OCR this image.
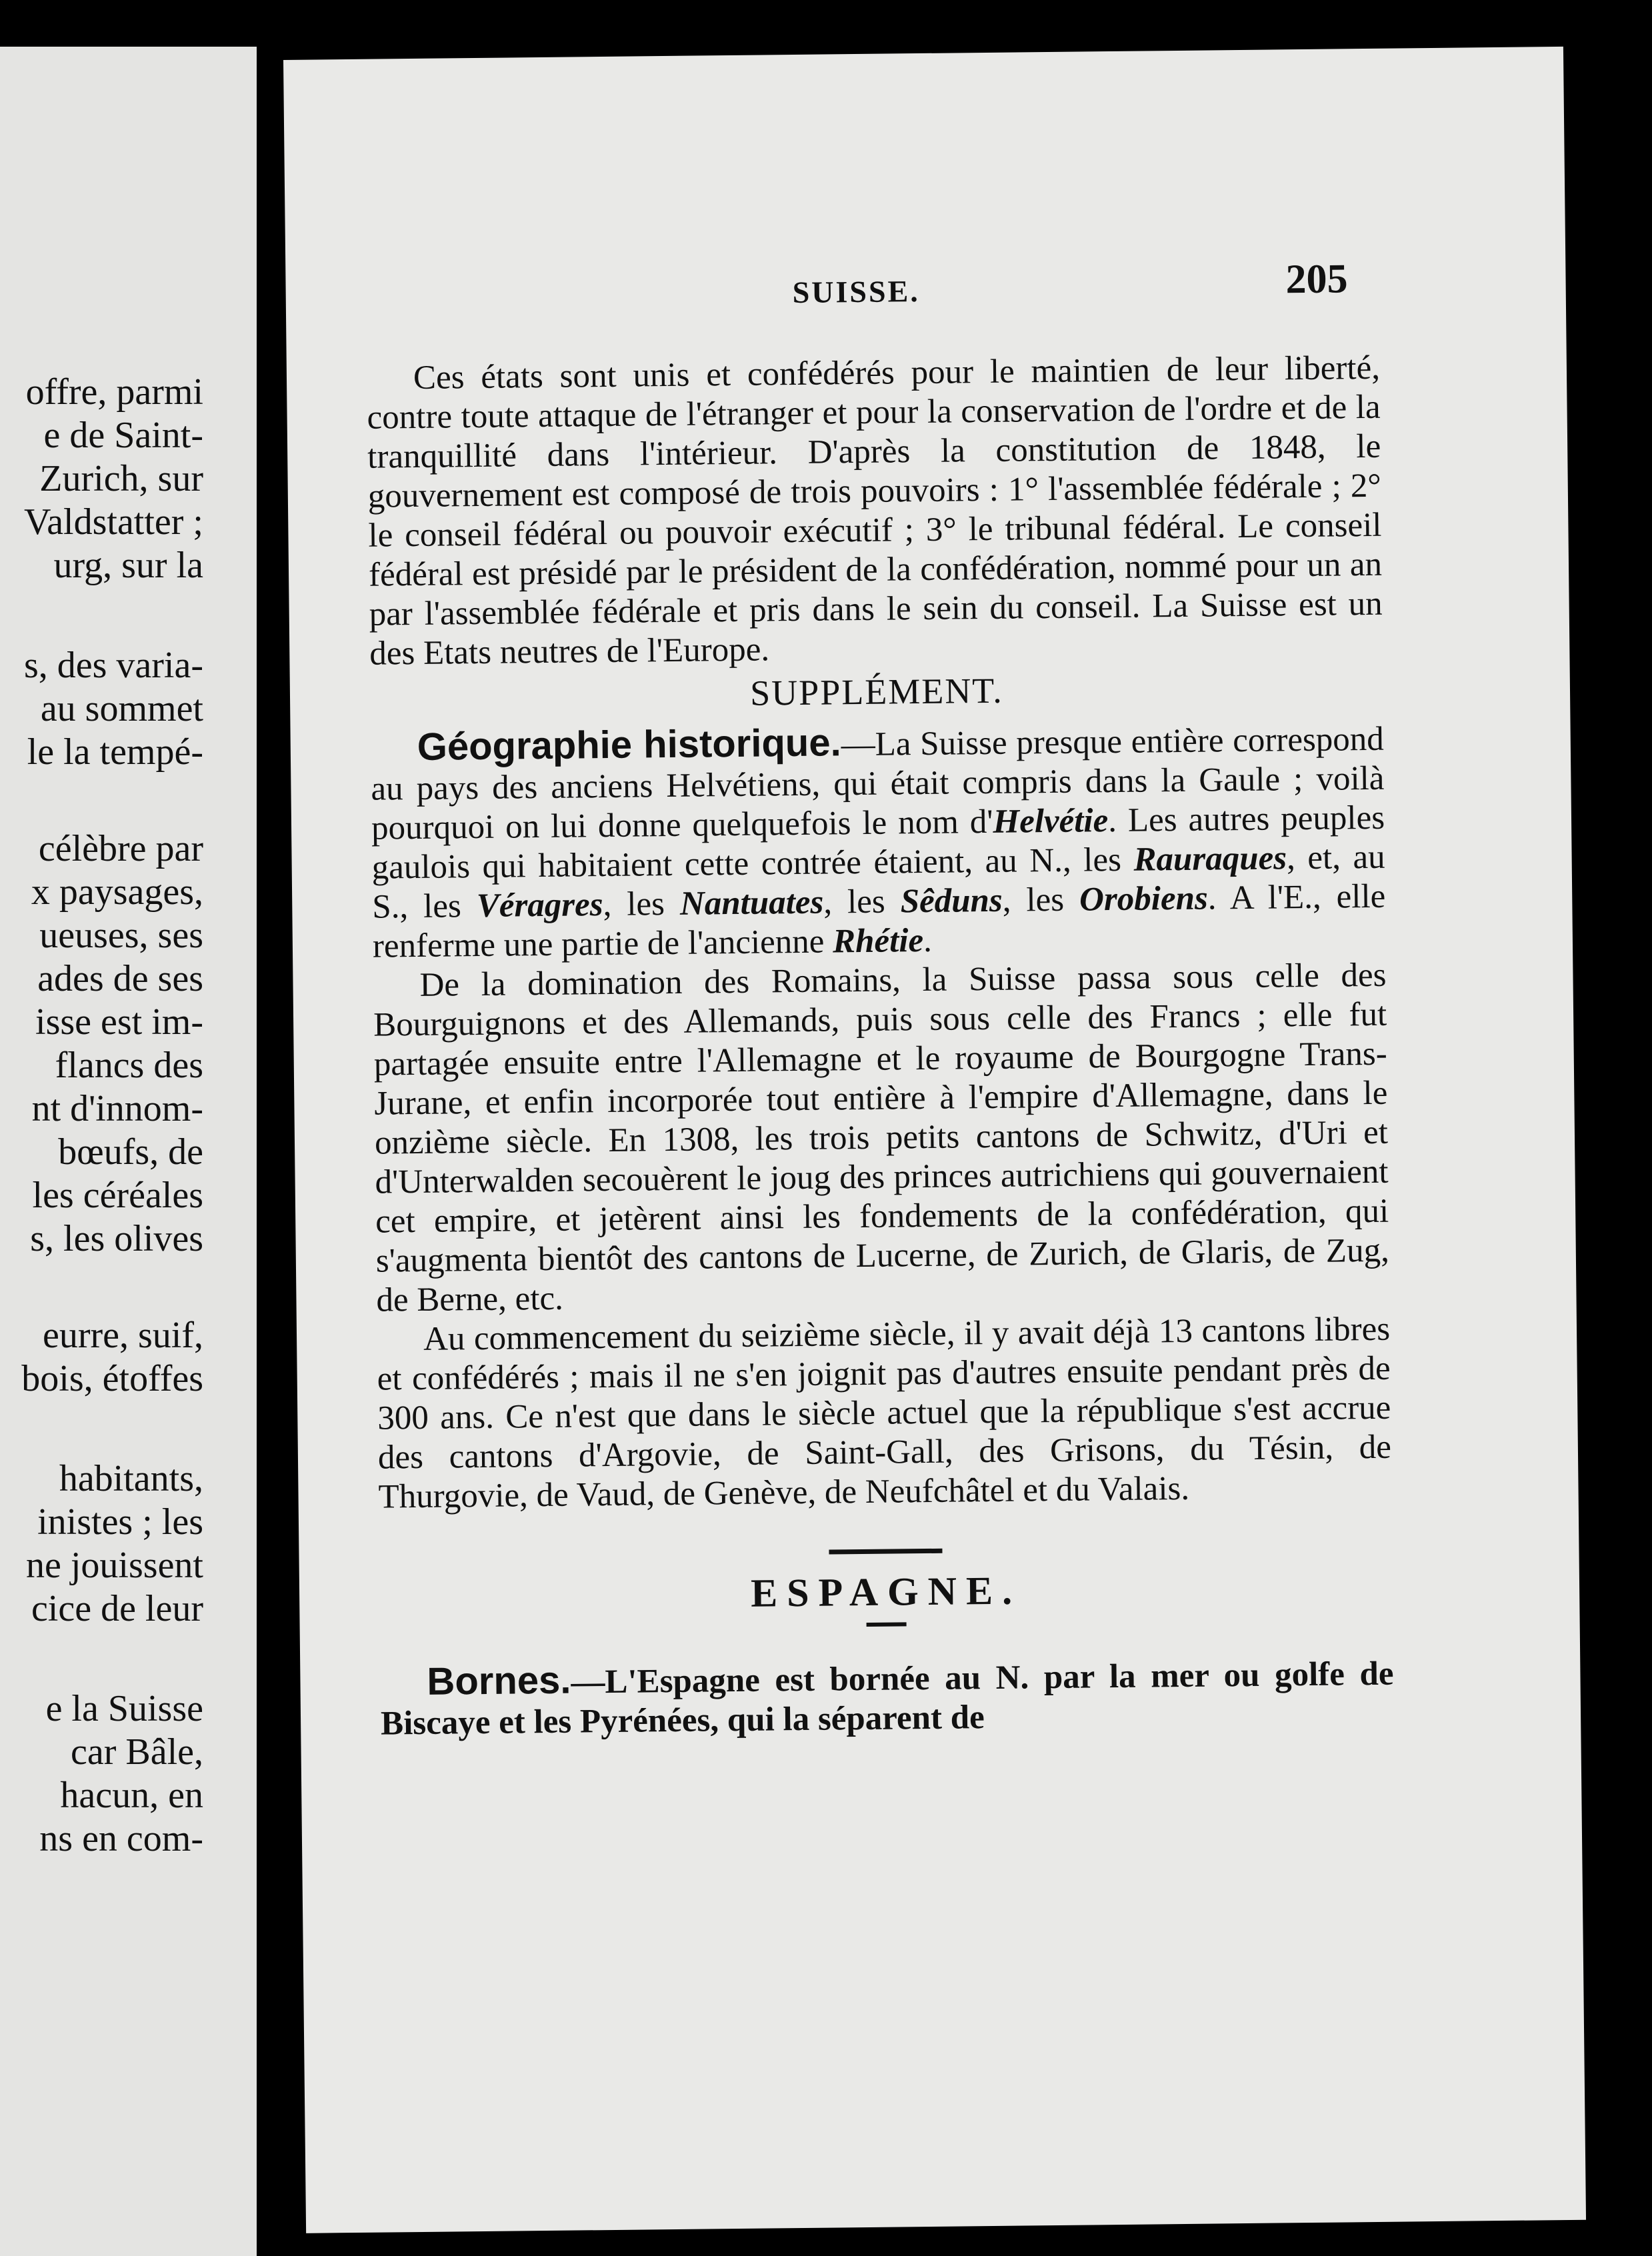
offre, parmi
e de Saint-
Zurich, sur
Valdstatter ;
urg, sur la
s, des varia-
au sommet
le la tempé-
célèbre par
x paysages,
ueuses, ses
ades de ses
isse est im-
flancs des
nt d'innom-
bœufs, de
les céréales
s, les olives
eurre, suif,
bois, étoffes
habitants,
inistes ; les
ne jouissent
cice de leur
e la Suisse
car Bâle,
hacun, en
ns en com-
SUISSE.	205

Ces états sont unis et confédérés pour le maintien de leur liberté, contre toute attaque de l'étranger et pour la conservation de l'ordre et de la tranquillité dans l'intérieur. D'après la constitution de 1848, le gouvernement est composé de trois pouvoirs : 1° l'assemblée fédérale ; 2° le conseil fédéral ou pouvoir exécutif ; 3° le tribunal fédéral. Le conseil fédéral est présidé par le président de la confédération, nommé pour un an par l'assemblée fédérale et pris dans le sein du conseil. La Suisse est un des Etats neutres de l'Europe.

SUPPLÉMENT.

Géographie historique.—La Suisse presque entière correspond au pays des anciens Helvétiens, qui était compris dans la Gaule ; voilà pourquoi on lui donne quelquefois le nom d'Helvétie. Les autres peuples gaulois qui habitaient cette contrée étaient, au N., les Rauraques, et, au S., les Véragres, les Nantuates, les Sêduns, les Orobiens. A l'E., elle renferme une partie de l'ancienne Rhétie.

De la domination des Romains, la Suisse passa sous celle des Bourguignons et des Allemands, puis sous celle des Francs ; elle fut partagée ensuite entre l'Allemagne et le royaume de Bourgogne Trans-Jurane, et enfin incorporée tout entière à l'empire d'Allemagne, dans le onzième siècle. En 1308, les trois petits cantons de Schwitz, d'Uri et d'Unterwalden secouèrent le joug des princes autrichiens qui gouvernaient cet empire, et jetèrent ainsi les fondements de la confédération, qui s'augmenta bientôt des cantons de Lucerne, de Zurich, de Glaris, de Zug, de Berne, etc.

Au commencement du seizième siècle, il y avait déjà 13 cantons libres et confédérés ; mais il ne s'en joignit pas d'autres ensuite pendant près de 300 ans. Ce n'est que dans le siècle actuel que la république s'est accrue des cantons d'Argovie, de Saint-Gall, des Grisons, du Tésin, de Thurgovie, de Vaud, de Genève, de Neufchâtel et du Valais.

ESPAGNE.

Bornes.—L'Espagne est bornée au N. par la mer ou golfe de Biscaye et les Pyrénées, qui la séparent de
